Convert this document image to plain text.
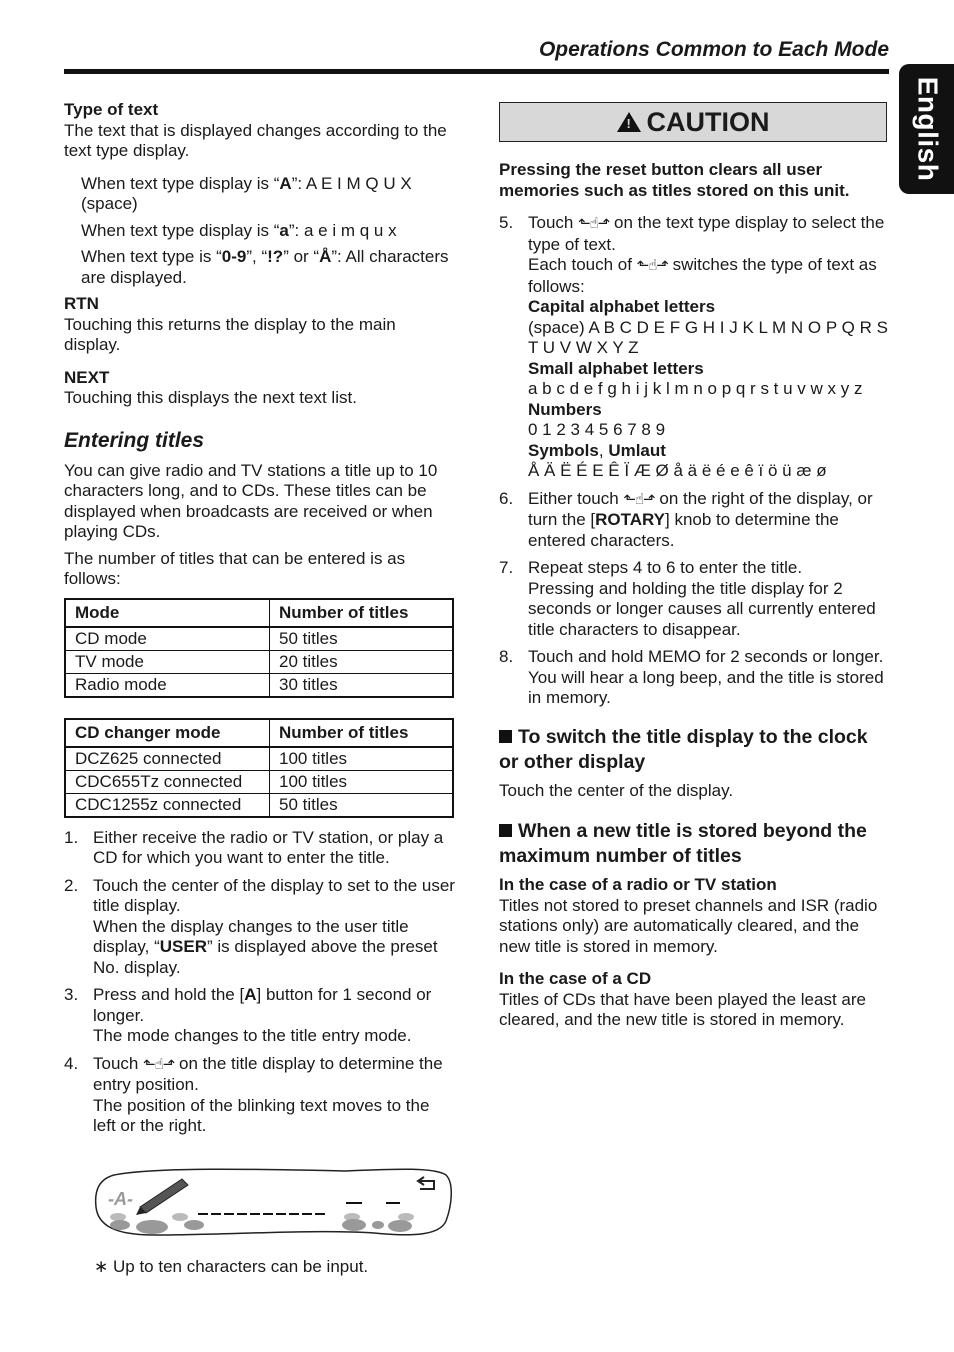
Operations Common to Each Mode
English

Type of text

The text that is displayed changes according to the text type display.

When text type display is “A”: A E I M Q U X (space)

When text type display is “a”: a e i m q u x

When text type is “0-9”, “!?” or “Å”: All characters are displayed.

RTN

Touching this returns the display to the main display.

NEXT

Touching this displays the next text list.

Entering titles

You can give radio and TV stations a title up to 10 characters long, and to CDs. These titles can be displayed when broadcasts are received or when playing CDs.

The number of titles that can be entered is as follows:

Mode	Number of titles
CD mode	50 titles
TV mode	20 titles
Radio mode	30 titles
CD changer mode	Number of titles
DCZ625 connected	100 titles
CDC655Tz connected	100 titles
CDC1255z connected	50 titles
1. Either receive the radio or TV station, or play a CD for which you want to enter the title.
2. Touch the center of the display to set to the user title display.
When the display changes to the user title display, “USER” is displayed above the preset No. display.
3. Press and hold the [A] button for 1 second or longer.
The mode changes to the title entry mode.
4. Touch ⬑☝⬏ on the title display to determine the entry position.
The position of the blinking text moves to the left or the right.
-A-
∗ Up to ten characters can be input.
! CAUTION

Pressing the reset button clears all user memories such as titles stored on this unit.

5. Touch ⬑☝⬏ on the text type display to select the type of text.
Each touch of ⬑☝⬏ switches the type of text as follows:
Capital alphabet letters
(space) A B C D E F G H I J K L M N O P Q R S T U V W X Y Z
Small alphabet letters
a b c d e f g h i j k l m n o p q r s t u v w x y z
Numbers
0 1 2 3 4 5 6 7 8 9
Symbols, Umlaut
Å Ä Ë É E Ê Ï Æ Ø å ä ë é e ê ï ö ü æ ø
6. Either touch ⬑☝⬏ on the right of the display, or turn the [ROTARY] knob to determine the entered characters.
7. Repeat steps 4 to 6 to enter the title.
Pressing and holding the title display for 2 seconds or longer causes all currently entered title characters to disappear.
8. Touch and hold MEMO for 2 seconds or longer.
You will hear a long beep, and the title is stored in memory.
To switch the title display to the clock or other display

Touch the center of the display.

When a new title is stored beyond the maximum number of titles

In the case of a radio or TV station

Titles not stored to preset channels and ISR (radio stations only) are automatically cleared, and the new title is stored in memory.

In the case of a CD

Titles of CDs that have been played the least are cleared, and the new title is stored in memory.
